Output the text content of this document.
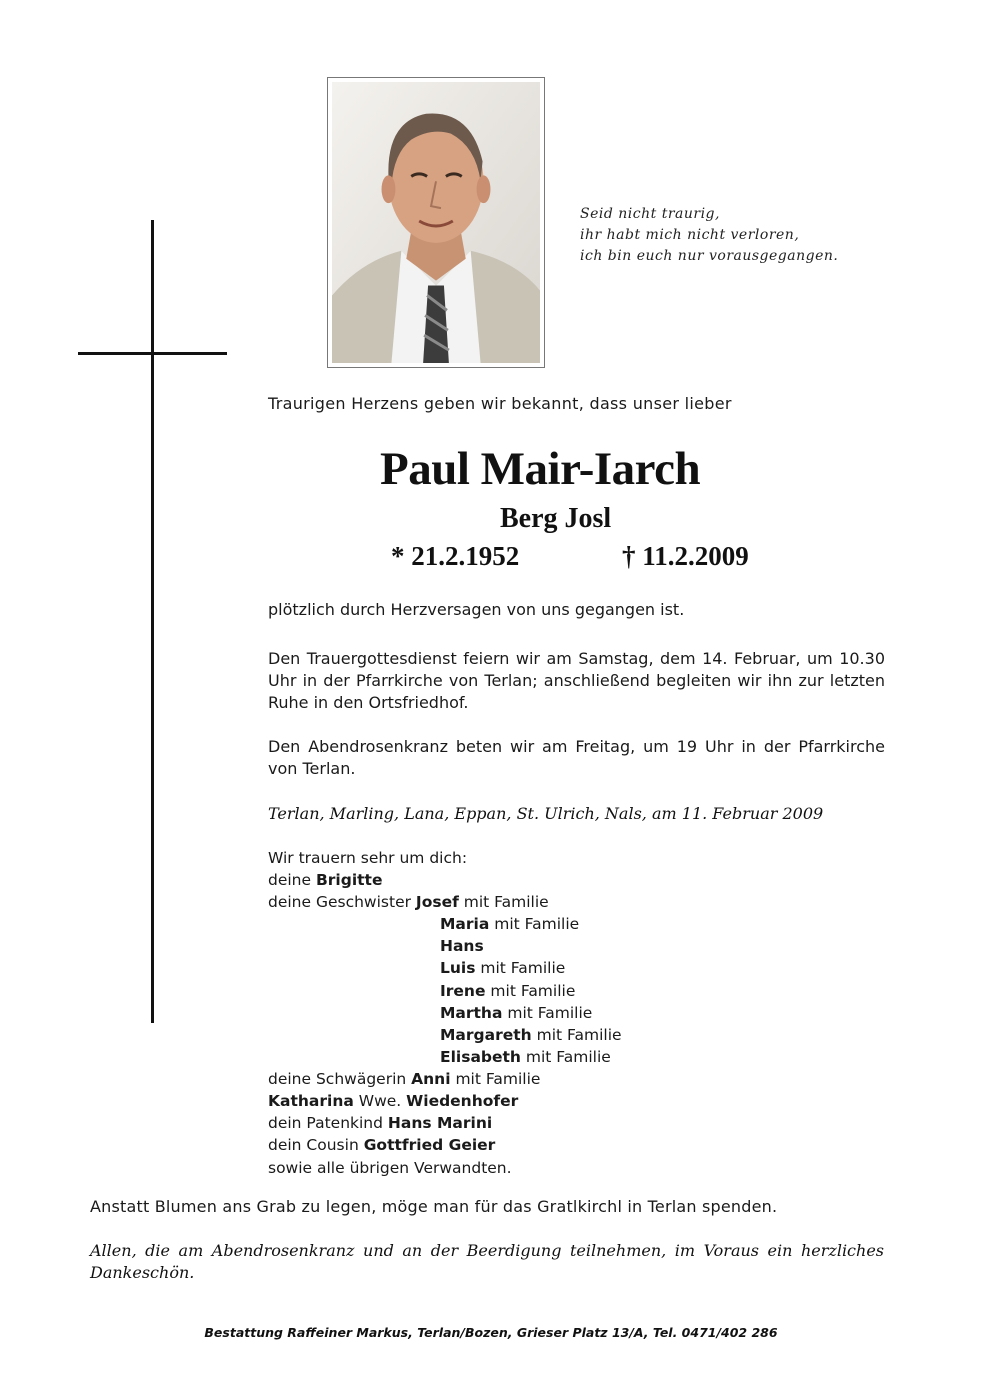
Seid nicht traurig,
ihr habt mich nicht verloren,
ich bin euch nur vorausgegangen.
Traurigen Herzens geben wir bekannt, dass unser lieber
Paul Mair-Iarch
Berg Josl
* 21.2.1952	† 11.2.2009
plötzlich durch Herzversagen von uns gegangen ist.
Den Trauergottesdienst feiern wir am Samstag, dem 14. Februar, um 10.30 Uhr in der Pfarrkirche von Terlan; anschließend begleiten wir ihn zur letzten Ruhe in den Ortsfriedhof.
Den Abendrosenkranz beten wir am Freitag, um 19 Uhr in der Pfarrkirche von Terlan.
Terlan, Marling, Lana, Eppan, St. Ulrich, Nals, am 11. Februar 2009
Wir trauern sehr um dich:
deine Brigitte
deine Geschwister Josef mit Familie
Maria mit Familie
Hans
Luis mit Familie
Irene mit Familie
Martha mit Familie
Margareth mit Familie
Elisabeth mit Familie
deine Schwägerin Anni mit Familie
Katharina Wwe. Wiedenhofer
dein Patenkind Hans Marini
dein Cousin Gottfried Geier
sowie alle übrigen Verwandten.
Anstatt Blumen ans Grab zu legen, möge man für das Gratlkirchl in Terlan spenden.
Allen, die am Abendrosenkranz und an der Beerdigung teilnehmen, im Voraus ein herzliches Dankeschön.
Bestattung Raffeiner Markus, Terlan/Bozen, Grieser Platz 13/A, Tel. 0471/402 286
